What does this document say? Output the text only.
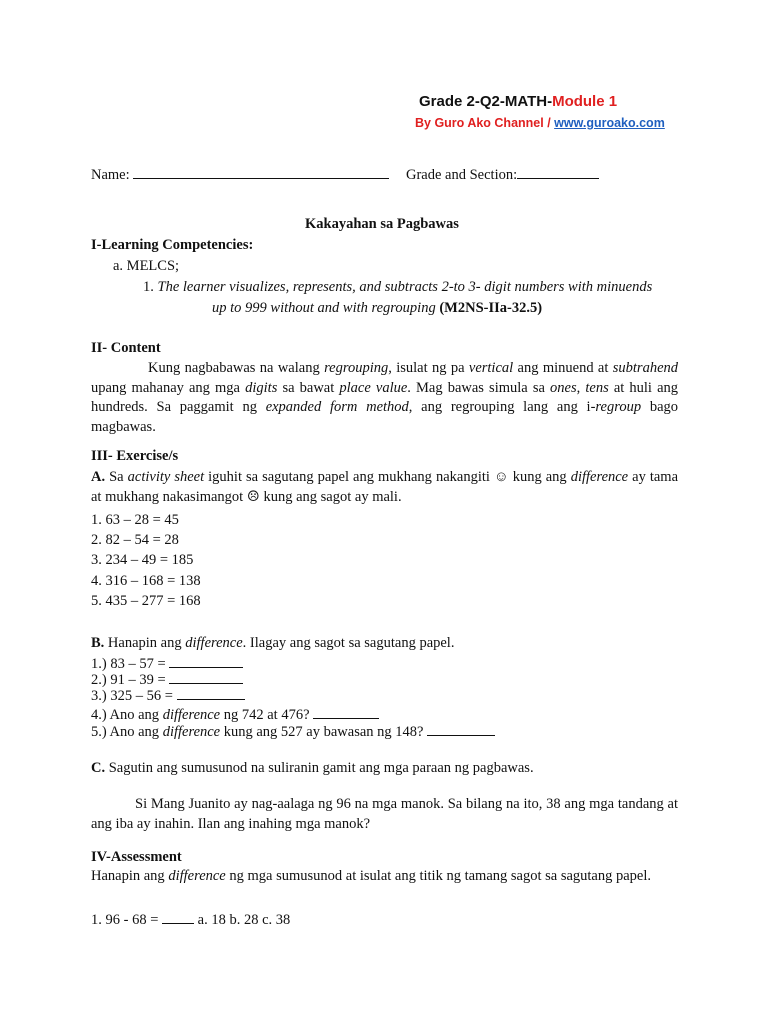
Grade 2-Q2-MATH-Module 1
By Guro Ako Channel / www.guroako.com
Name:	Grade and Section:
Kakayahan sa Pagbawas
I-Learning Competencies:
a. MELCS;
1. The learner visualizes, represents, and subtracts 2-to 3- digit numbers with minuends
up to 999 without and with regrouping (M2NS-IIa-32.5)
II- Content
Kung nagbabawas na walang regrouping, isulat ng pa vertical ang minuend at subtrahend upang mahanay ang mga digits sa bawat place value. Mag bawas simula sa ones, tens at huli ang hundreds. Sa paggamit ng expanded form method, ang regrouping lang ang i-regroup bago magbawas.
III- Exercise/s
A. Sa activity sheet iguhit sa sagutang papel ang mukhang nakangiti ☺ kung ang difference ay tama at mukhang nakasimangot ☹ kung ang sagot ay mali.
1. 63 – 28 = 45
2. 82 – 54 = 28
3. 234 – 49 = 185
4. 316 – 168 = 138
5. 435 – 277 = 168
B. Hanapin ang difference. Ilagay ang sagot sa sagutang papel.
1.) 83 – 57 =
2.) 91 – 39 =
3.) 325 – 56 =
4.) Ano ang difference ng 742 at 476?
5.) Ano ang difference kung ang 527 ay bawasan ng 148?
C. Sagutin ang sumusunod na suliranin gamit ang mga paraan ng pagbawas.
Si Mang Juanito ay nag-aalaga ng 96 na mga manok. Sa bilang na ito, 38 ang mga tandang at ang iba ay inahin. Ilan ang inahing mga manok?
IV-Assessment
Hanapin ang difference ng mga sumusunod at isulat ang titik ng tamang sagot sa sagutang papel.
1. 96 - 68 =  a. 18 b. 28 c. 38
